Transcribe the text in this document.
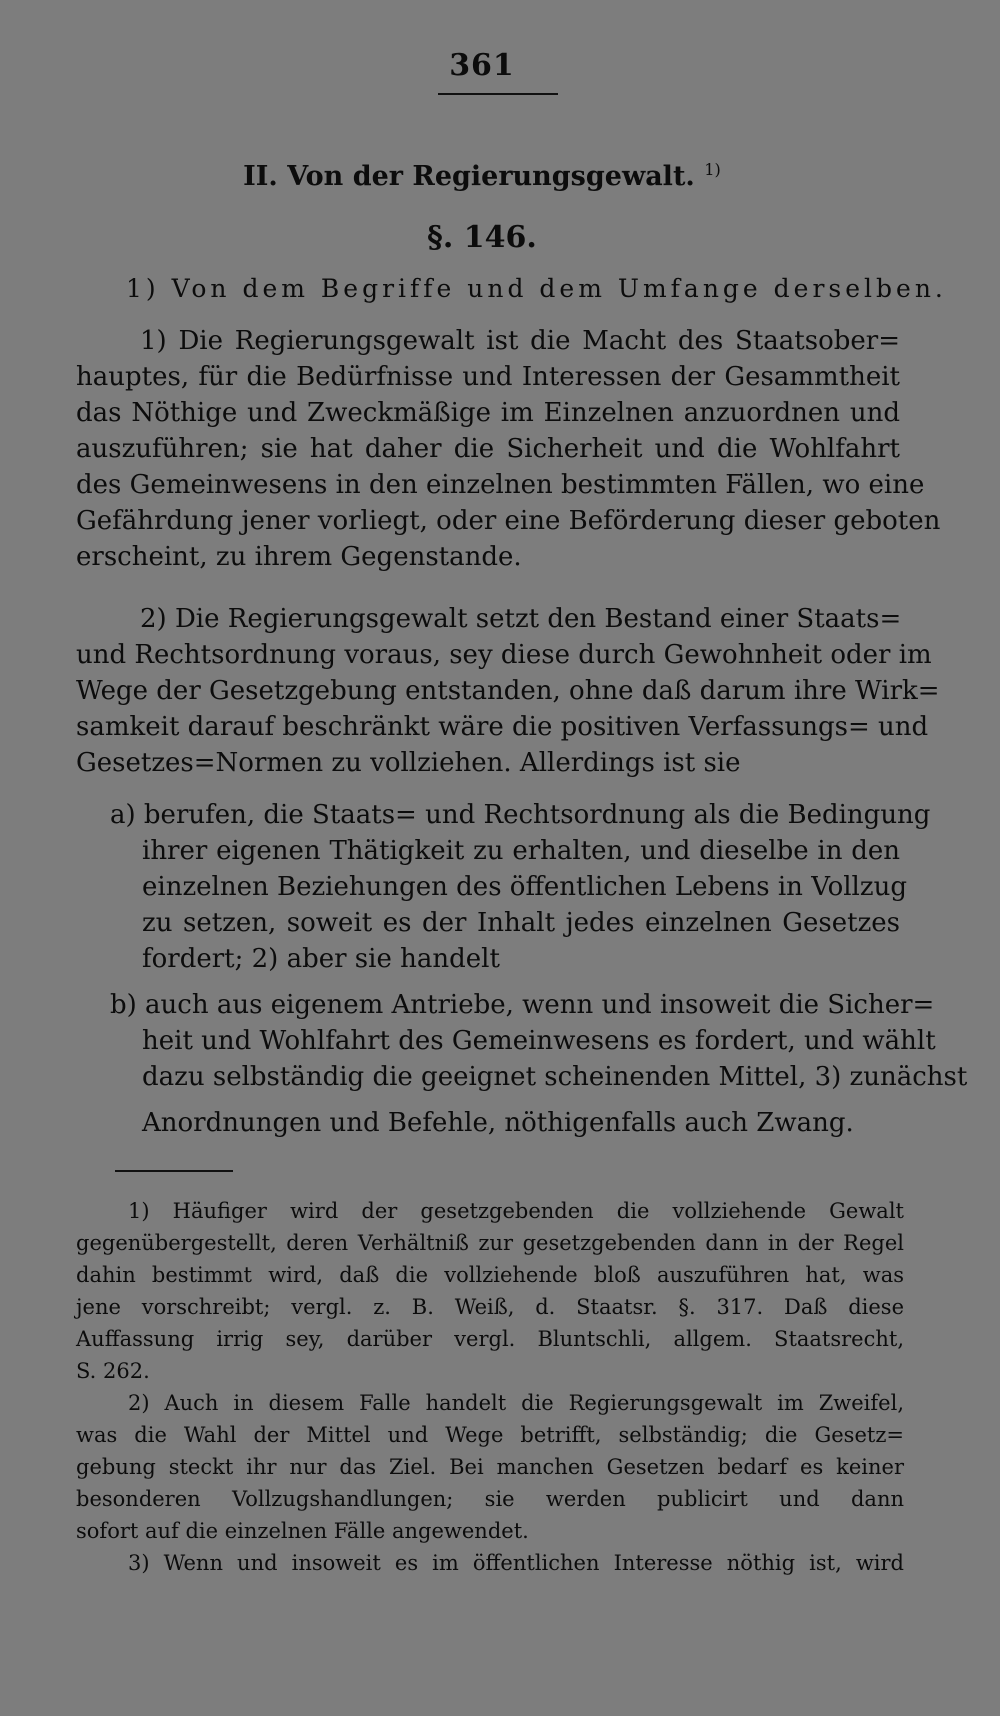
361
II. Von der Regierungsgewalt. $^{1)}$
§. 146.
1) Von dem Begriffe und dem Umfange derselben.
1) Die Regierungsgewalt ist die Macht des Staatsober=
hauptes, für die Bedürfnisse und Interessen der Gesammtheit
das Nöthige und Zweckmäßige im Einzelnen anzuordnen und
auszuführen; sie hat daher die Sicherheit und die Wohlfahrt
des Gemeinwesens in den einzelnen bestimmten Fällen, wo eine
Gefährdung jener vorliegt, oder eine Beförderung dieser geboten
erscheint, zu ihrem Gegenstande.
2) Die Regierungsgewalt setzt den Bestand einer Staats=
und Rechtsordnung voraus, sey diese durch Gewohnheit oder im
Wege der Gesetzgebung entstanden, ohne daß darum ihre Wirk=
samkeit darauf beschränkt wäre die positiven Verfassungs= und
Gesetzes=Normen zu vollziehen. Allerdings ist sie
a) berufen, die Staats= und Rechtsordnung als die Bedingung
ihrer eigenen Thätigkeit zu erhalten, und dieselbe in den
einzelnen Beziehungen des öffentlichen Lebens in Vollzug
zu setzen, soweit es der Inhalt jedes einzelnen Gesetzes
fordert; 2) aber sie handelt
b) auch aus eigenem Antriebe, wenn und insoweit die Sicher=
heit und Wohlfahrt des Gemeinwesens es fordert, und wählt
dazu selbständig die geeignet scheinenden Mittel, 3) zunächst
Anordnungen und Befehle, nöthigenfalls auch Zwang.
1) Häufiger wird der gesetzgebenden die vollziehende Gewalt
gegenübergestellt, deren Verhältniß zur gesetzgebenden dann in der Regel
dahin bestimmt wird, daß die vollziehende bloß auszuführen hat, was
jene vorschreibt; vergl. z. B. Weiß, d. Staatsr. §. 317. Daß diese
Auffassung irrig sey, darüber vergl. Bluntschli, allgem. Staatsrecht,
S. 262.
2) Auch in diesem Falle handelt die Regierungsgewalt im Zweifel,
was die Wahl der Mittel und Wege betrifft, selbständig; die Gesetz=
gebung steckt ihr nur das Ziel. Bei manchen Gesetzen bedarf es keiner
besonderen Vollzugshandlungen; sie werden publicirt und dann
sofort auf die einzelnen Fälle angewendet.
3) Wenn und insoweit es im öffentlichen Interesse nöthig ist, wird
